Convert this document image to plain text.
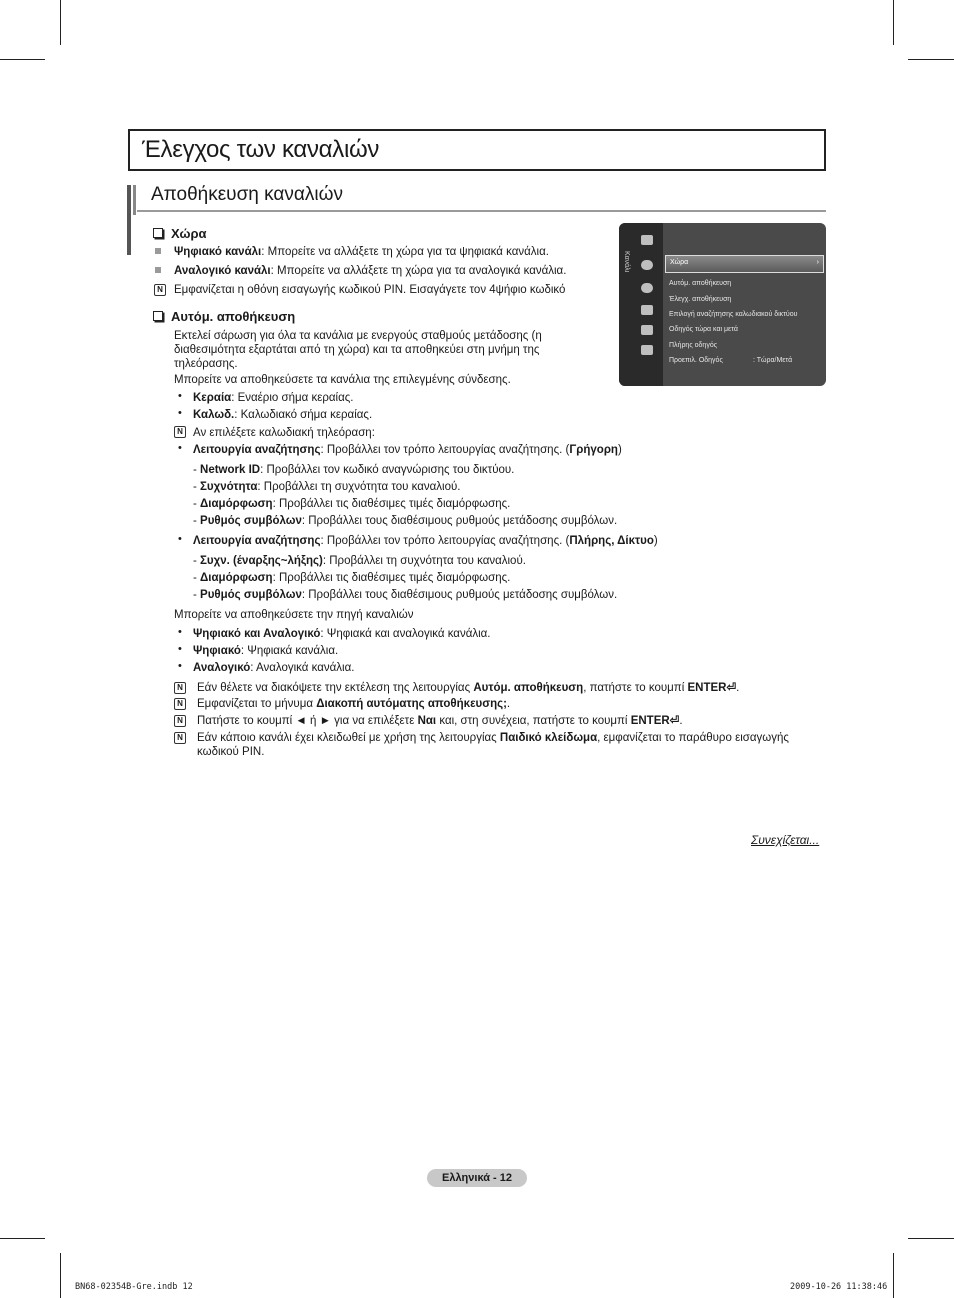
Έλεγχος των καναλιών
Αποθήκευση καναλιών
Χώρα
Ψηφιακό κανάλι: Μπορείτε να αλλάξετε τη χώρα για τα ψηφιακά κανάλια.
Αναλογικό κανάλι: Μπορείτε να αλλάξετε τη χώρα για τα αναλογικά κανάλια.
N Εμφανίζεται η οθόνη εισαγωγής κωδικού PIN. Εισαγάγετε τον 4ψήφιο κωδικό
Αυτόμ. αποθήκευση
Εκτελεί σάρωση για όλα τα κανάλια με ενεργούς σταθμούς μετάδοσης (η
διαθεσιμότητα εξαρτάται από τη χώρα) και τα αποθηκεύει στη μνήμη της
τηλεόρασης.
Μπορείτε να αποθηκεύσετε τα κανάλια της επιλεγμένης σύνδεσης.
• Κεραία: Εναέριο σήμα κεραίας.
• Καλωδ.: Καλωδιακό σήμα κεραίας.
N Αν επιλέξετε καλωδιακή τηλεόραση:
• Λειτουργία αναζήτησης: Προβάλλει τον τρόπο λειτουργίας αναζήτησης. (Γρήγορη)
- Network ID: Προβάλλει τον κωδικό αναγνώρισης του δικτύου.
- Συχνότητα: Προβάλλει τη συχνότητα του καναλιού.
- Διαμόρφωση: Προβάλλει τις διαθέσιμες τιμές διαμόρφωσης.
- Ρυθμός συμβόλων: Προβάλλει τους διαθέσιμους ρυθμούς μετάδοσης συμβόλων.
• Λειτουργία αναζήτησης: Προβάλλει τον τρόπο λειτουργίας αναζήτησης. (Πλήρης, Δίκτυο)
- Συχν. (έναρξης~λήξης): Προβάλλει τη συχνότητα του καναλιού.
- Διαμόρφωση: Προβάλλει τις διαθέσιμες τιμές διαμόρφωσης.
- Ρυθμός συμβόλων: Προβάλλει τους διαθέσιμους ρυθμούς μετάδοσης συμβόλων.
Μπορείτε να αποθηκεύσετε την πηγή καναλιών
• Ψηφιακό και Αναλογικό: Ψηφιακά και αναλογικά κανάλια.
• Ψηφιακό: Ψηφιακά κανάλια.
• Αναλογικό: Αναλογικά κανάλια.
N Εάν θέλετε να διακόψετε την εκτέλεση της λειτουργίας Αυτόμ. αποθήκευση, πατήστε το κουμπί ENTER⏎.
N Εμφανίζεται το μήνυμα Διακοπή αυτόματης αποθήκευσης;.
N Πατήστε το κουμπί ◄ ή ► για να επιλέξετε Ναι και, στη συνέχεια, πατήστε το κουμπί ENTER⏎.
N Εάν κάποιο κανάλι έχει κλειδωθεί με χρήση της λειτουργίας Παιδικό κλείδωμα, εμφανίζεται το παράθυρο εισαγωγής
κωδικού PIN.
Κανάλι	Χώρα	›
Αυτόμ. αποθήκευση
Έλεγχ. αποθήκευση
Επιλογή αναζήτησης καλωδιακού δικτύου
Οδηγός τώρα και μετά
Πλήρης οδηγός
Προεπιλ. Οδηγός	: Τώρα/Μετά
Συνεχίζεται...
Ελληνικά - 12
BN68-02354B-Gre.indb 12	2009-10-26 11:38:46
